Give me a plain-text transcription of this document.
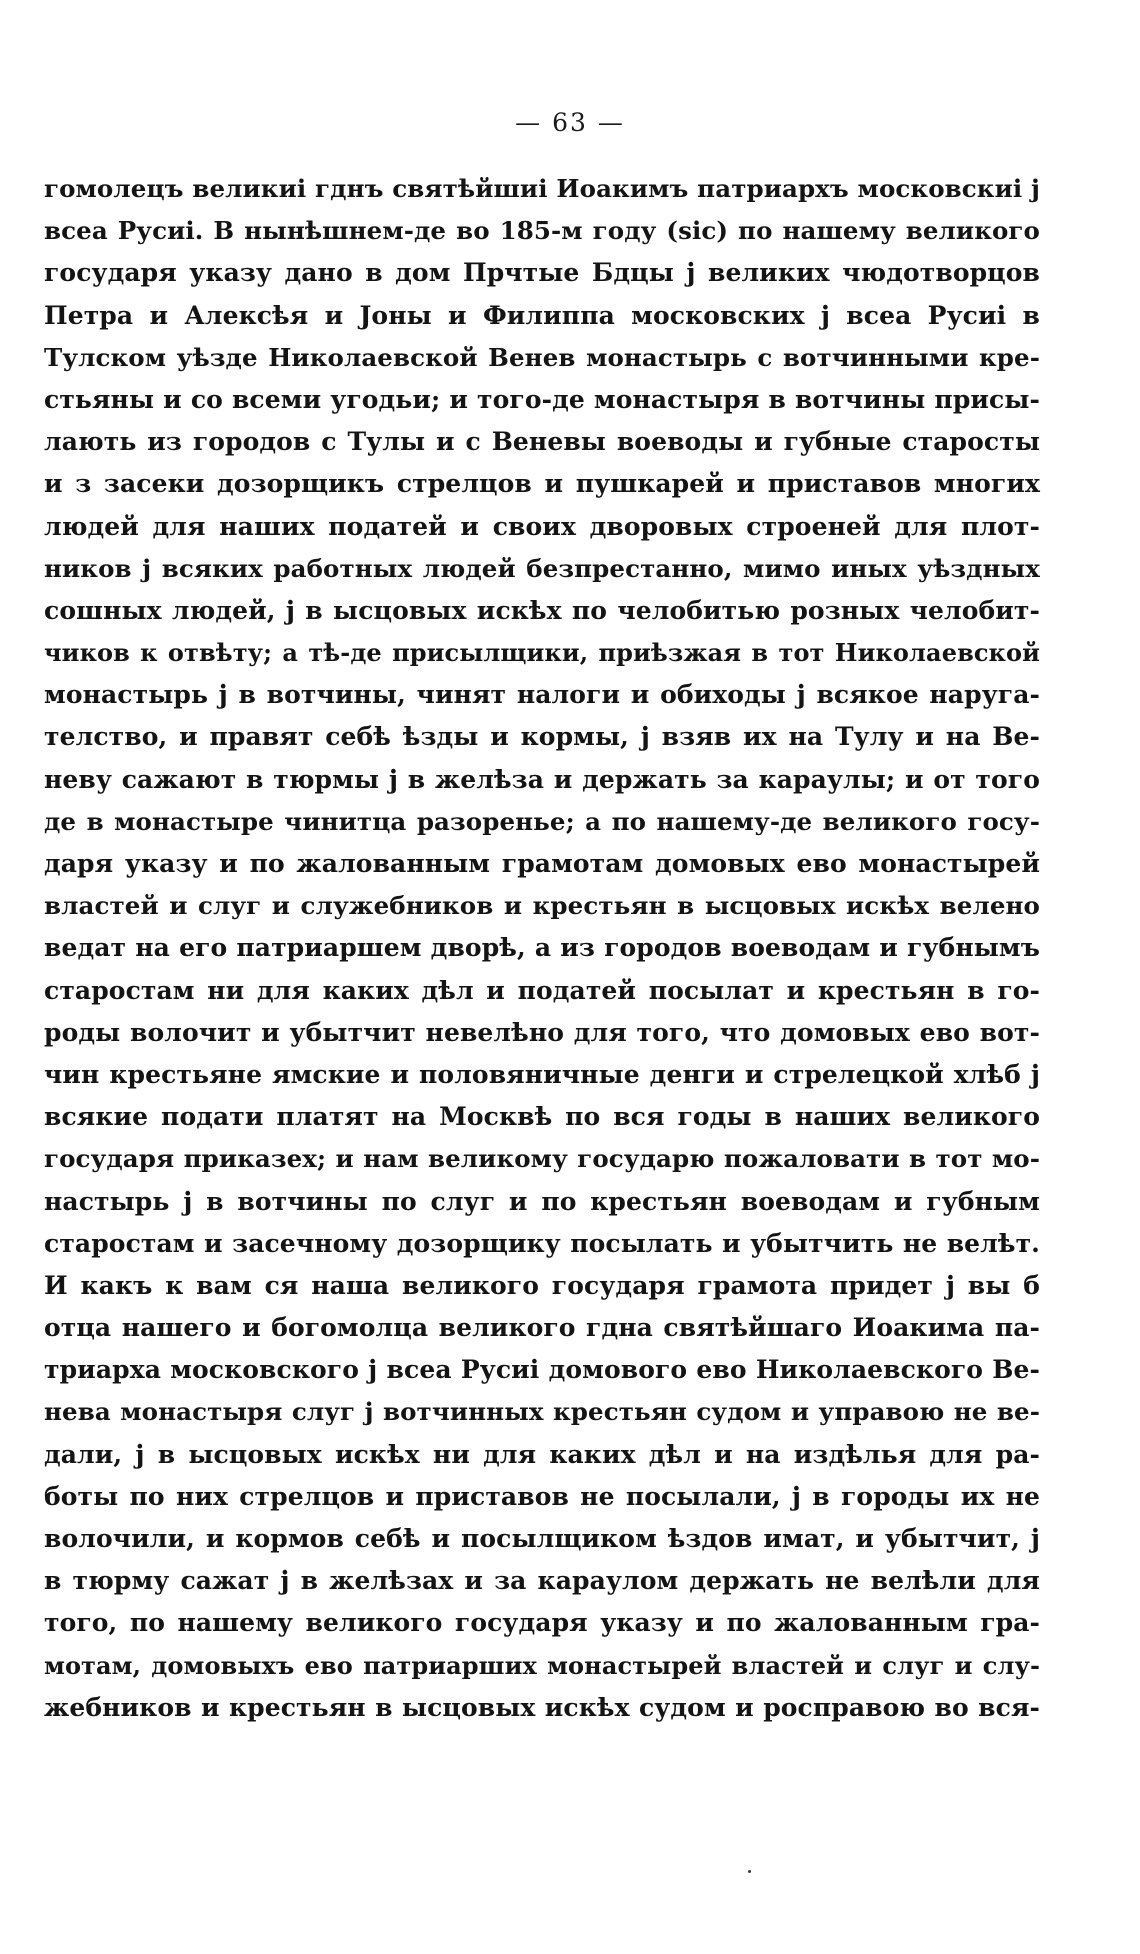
— 63 —
гомолецъ великиі гднъ святѣйшиі Иоакимъ патриархъ московскиі ј
всеа Русиі. В нынѣшнем-де во 185-м году (sic) по нашему великого
государя указу дано в дом Прчтые Бдцы ј великих чюдотворцов
Петра и Алексѣя и Јоны и Филиппа московских ј всеа Русиі в
Тулском уѣзде Николаевской Венев монастырь с вотчинными кре-
стьяны и со всеми угодьи; и того-де монастыря в вотчины присы-
лають из городов с Тулы и с Веневы воеводы и губные старосты
и з засеки дозорщикъ стрелцов и пушкарей и приставов многих
людей для наших податей и своих дворовых строеней для плот-
ников ј всяких работных людей безпрестанно, мимо иных уѣздных
сошных людей, ј в ысцовых искѣх по челобитью розных челобит-
чиков к отвѣту; а тѣ-де присылщики, приѣзжая в тот Николаевской
монастырь ј в вотчины, чинят налоги и обиходы ј всякое наруга-
телство, и правят себѣ ѣзды и кормы, ј взяв их на Тулу и на Ве-
неву сажают в тюрмы ј в желѣза и держать за караулы; и от того
де в монастыре чинитца разореньe; а по нашему-де великого госу-
даря указу и по жалованным грамотам домовых ево монастырей
властей и слуг и служебников и крестьян в ысцовых искѣх велено
ведат на его патриаршем дворѣ, а из городов воеводам и губнымъ
старостам ни для каких дѣл и податей посылат и крестьян в го-
роды волочит и убытчит невелѣно для того, что домовых ево вот-
чин крестьяне ямские и половяничные денги и стрелецкой хлѣб ј
всякие подати платят на Москвѣ по вся годы в наших великого
государя приказех; и нам великому государю пожаловати в тот мо-
настырь ј в вотчины по слуг и по крестьян воеводам и губным
старостам и засечному дозорщику посылать и убытчить не велѣт.
И какъ к вам ся наша великого государя грамота придет ј вы б
отца нашего и богомолца великого гдна святѣйшаго Иоакима па-
триарха московского ј всеа Русиі домового ево Николаевского Ве-
нева монастыря слуг ј вотчинных крестьян судом и управою не ве-
дали, ј в ысцовых искѣх ни для каких дѣл и на издѣлья для ра-
боты по них стрелцов и приставов не посылали, ј в городы их не
волочили, и кормов себѣ и посылщиком ѣздов имат, и убытчит, ј
в тюрму сажат ј в желѣзах и за караулом держать не велѣли для
того, по нашему великого государя указу и по жалованным гра-
мотам, домовыхъ ево патриарших монастырей властей и слуг и слу-
жебников и крестьян в ысцовых искѣх судом и росправою во вся-
